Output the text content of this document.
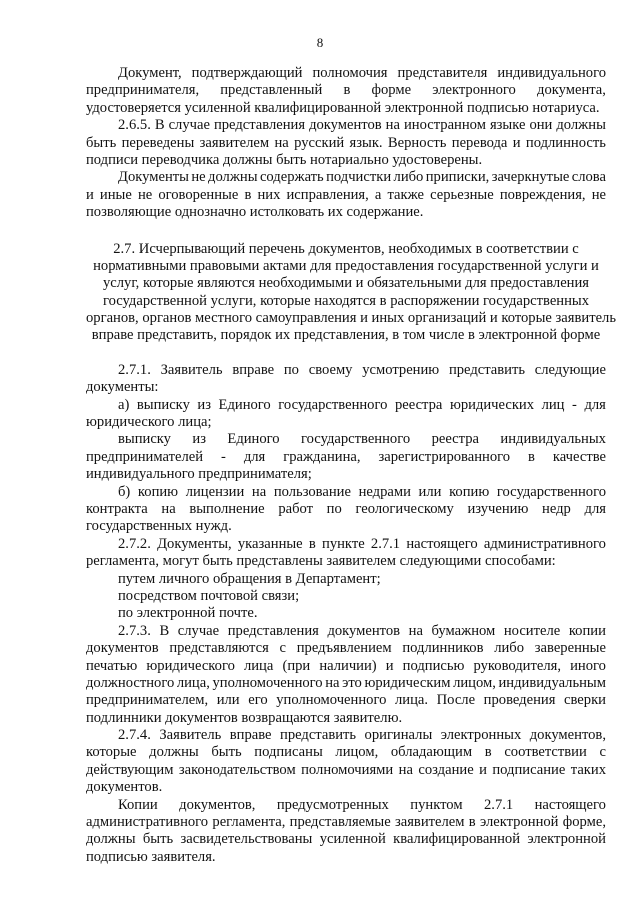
8
Документ, подтверждающий полномочия представителя индивидуального
предпринимателя, представленный в форме электронного документа,
удостоверяется усиленной квалифицированной электронной подписью нотариуса.
2.6.5. В случае представления документов на иностранном языке они должны
быть переведены заявителем на русский язык. Верность перевода и подлинность
подписи переводчика должны быть нотариально удостоверены.
Документы не должны содержать подчистки либо приписки, зачеркнутые слова
и иные не оговоренные в них исправления, а также серьезные повреждения, не
позволяющие однозначно истолковать их содержание.
2.7. Исчерпывающий перечень документов, необходимых в соответствии с
нормативными правовыми актами для предоставления государственной услуги и
услуг, которые являются необходимыми и обязательными для предоставления
государственной услуги, которые находятся в распоряжении государственных
органов, органов местного самоуправления и иных организаций и которые заявитель
вправе представить, порядок их представления, в том числе в электронной форме
2.7.1. Заявитель вправе по своему усмотрению представить следующие
документы:
а) выписку из Единого государственного реестра юридических лиц - для
юридического лица;
выписку из Единого государственного реестра индивидуальных
предпринимателей - для гражданина, зарегистрированного в качестве
индивидуального предпринимателя;
б) копию лицензии на пользование недрами или копию государственного
контракта на выполнение работ по геологическому изучению недр для
государственных нужд.
2.7.2. Документы, указанные в пункте 2.7.1 настоящего административного
регламента, могут быть представлены заявителем следующими способами:
путем личного обращения в Департамент;
посредством почтовой связи;
по электронной почте.
2.7.3. В случае представления документов на бумажном носителе копии
документов представляются с предъявлением подлинников либо заверенные
печатью юридического лица (при наличии) и подписью руководителя, иного
должностного лица, уполномоченного на это юридическим лицом, индивидуальным
предпринимателем, или его уполномоченного лица. После проведения сверки
подлинники документов возвращаются заявителю.
2.7.4. Заявитель вправе представить оригиналы электронных документов,
которые должны быть подписаны лицом, обладающим в соответствии с
действующим законодательством полномочиями на создание и подписание таких
документов.
Копии документов, предусмотренных пунктом 2.7.1 настоящего
административного регламента, представляемые заявителем в электронной форме,
должны быть засвидетельствованы усиленной квалифицированной электронной
подписью заявителя.
